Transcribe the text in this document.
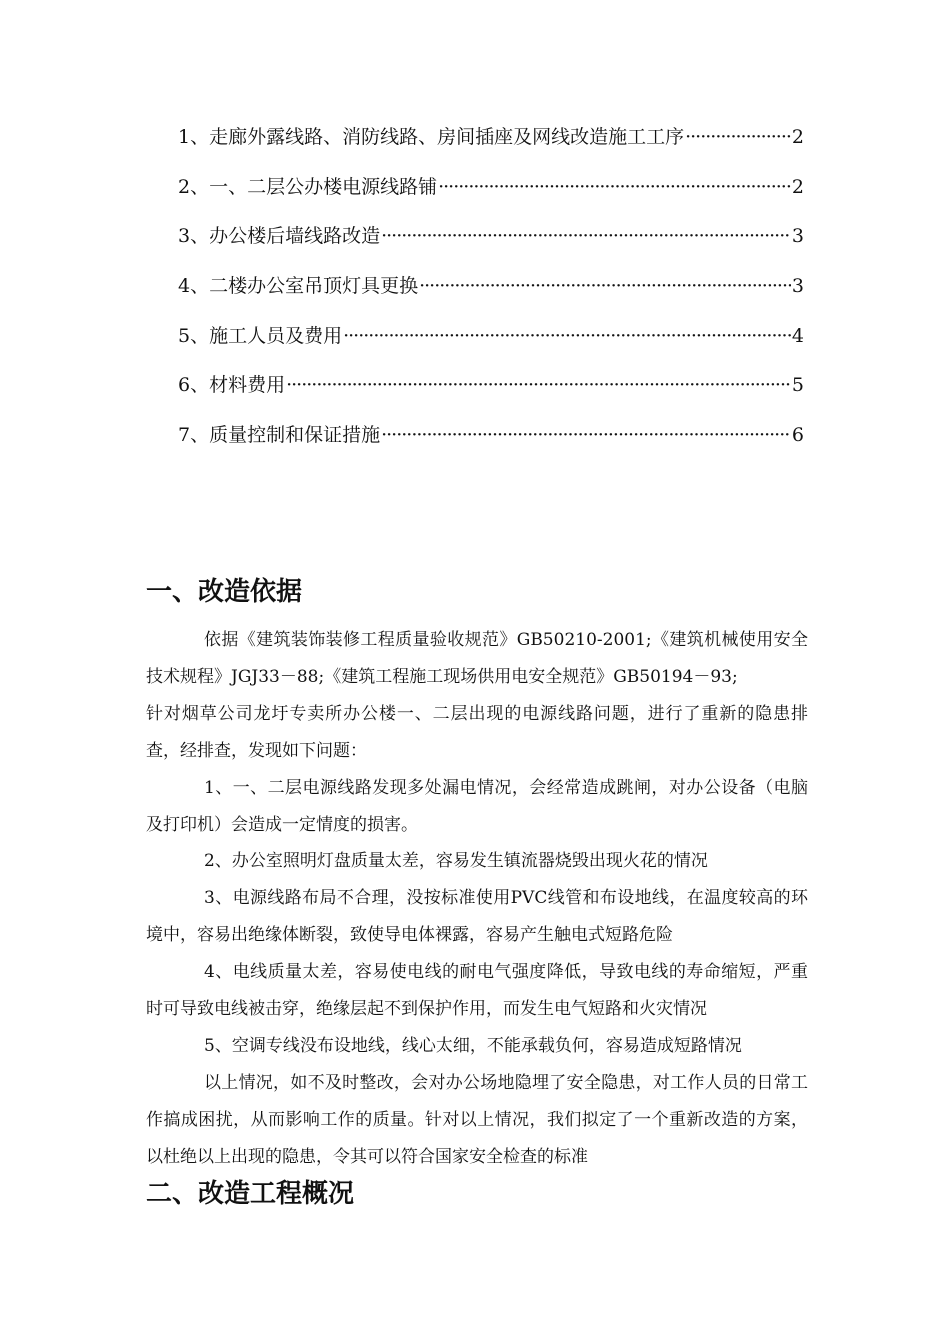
1、走廊外露线路、消防线路、房间插座及网线改造施工工序 ·····	2
2、一、二层公办楼电源线路铺 ·····	2
3、办公楼后墙线路改造 ·····	3
4、二楼办公室吊顶灯具更换 ·····	3
5、施工人员及费用 ·····	4
6、材料费用 ·····	5
7、质量控制和保证措施 ·····	6
一、改造依据

依据《建筑装饰装修工程质量验收规范》GB50210-2001;《建筑机械使用安全技术规程》JGJ33－88;《建筑工程施工现场供用电安全规范》GB50194－93;

针对烟草公司龙圩专卖所办公楼一、二层出现的电源线路问题，进行了重新的隐患排查，经排查，发现如下问题：

1、一、二层电源线路发现多处漏电情况，会经常造成跳闸，对办公设备（电脑及打印机）会造成一定情度的损害。

2、办公室照明灯盘质量太差，容易发生镇流器烧毁出现火花的情况

3、电源线路布局不合理，没按标准使用PVC线管和布设地线，在温度较高的环境中，容易出绝缘体断裂，致使导电体裸露，容易产生触电式短路危险

4、电线质量太差，容易使电线的耐电气强度降低，导致电线的寿命缩短，严重时可导致电线被击穿，绝缘层起不到保护作用，而发生电气短路和火灾情况

5、空调专线没布设地线，线心太细，不能承载负何，容易造成短路情况

以上情况，如不及时整改，会对办公场地隐埋了安全隐患，对工作人员的日常工作搞成困扰，从而影响工作的质量。针对以上情况，我们拟定了一个重新改造的方案，以杜绝以上出现的隐患，令其可以符合国家安全检查的标准

二、改造工程概况
